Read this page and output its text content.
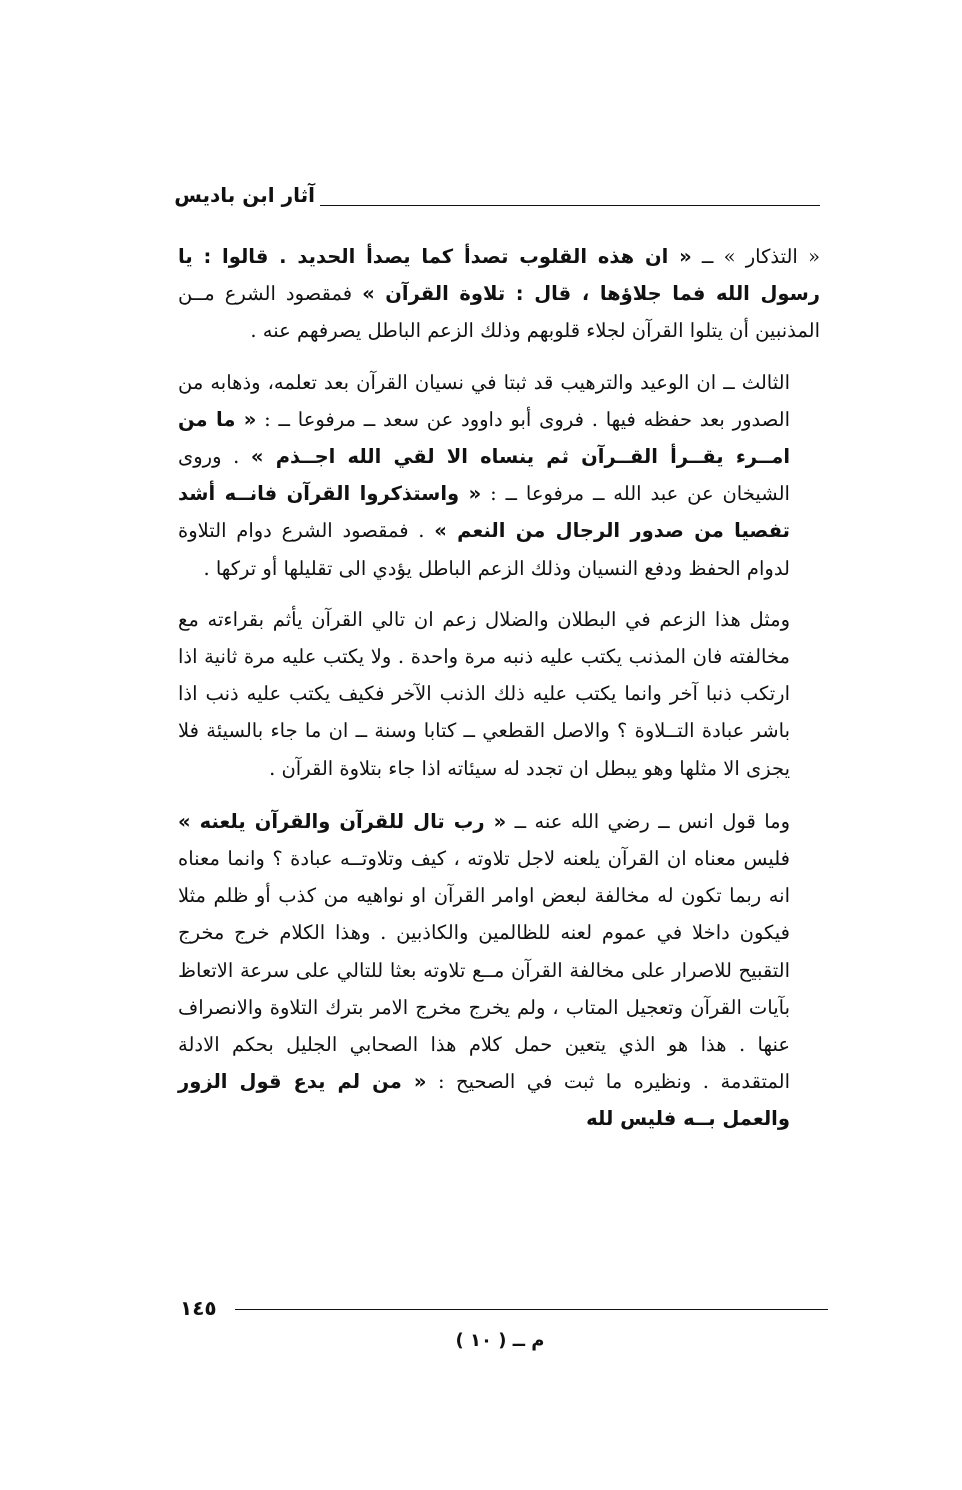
آثار ابن باديس

« التذكار » ــ « ان هذه القلوب تصدأ كما يصدأ الحديد . قالوا : يا رسول الله فما جلاؤها ، قال : تلاوة القرآن » فمقصود الشرع مــن المذنبين أن يتلوا القرآن لجلاء قلوبهم وذلك الزعم الباطل يصرفهم عنه .

الثالث ــ ان الوعيد والترهيب قد ثبتا في نسيان القرآن بعد تعلمه، وذهابه من الصدور بعد حفظه فيها . فروى أبو داوود عن سعد ــ مرفوعا ــ : « ما من امــرء يقــرأ القــرآن ثم ينساه الا لقي الله اجــذم » . وروى الشيخان عن عبد الله ــ مرفوعا ــ : « واستذكروا القرآن فانــه أشد تفصيا من صدور الرجال من النعم » . فمقصود الشرع دوام التلاوة لدوام الحفظ ودفع النسيان وذلك الزعم الباطل يؤدي الى تقليلها أو تركها .

ومثل هذا الزعم في البطلان والضلال زعم ان تالي القرآن يأثم بقراءته مع مخالفته فان المذنب يكتب عليه ذنبه مرة واحدة . ولا يكتب عليه مرة ثانية اذا ارتكب ذنبا آخر وانما يكتب عليه ذلك الذنب الآخر فكيف يكتب عليه ذنب اذا باشر عبادة التــلاوة ؟ والاصل القطعي ــ كتابا وسنة ــ ان ما جاء بالسيئة فلا يجزى الا مثلها وهو يبطل ان تجدد له سيئاته اذا جاء بتلاوة القرآن .

وما قول انس ــ رضي الله عنه ــ « رب تال للقرآن والقرآن يلعنه » فليس معناه ان القرآن يلعنه لاجل تلاوته ، كيف وتلاوتــه عبادة ؟ وانما معناه انه ربما تكون له مخالفة لبعض اوامر القرآن او نواهيه من كذب أو ظلم مثلا فيكون داخلا في عموم لعنه للظالمين والكاذبين . وهذا الكلام خرج مخرج التقبيح للاصرار على مخالفة القرآن مــع تلاوته بعثا للتالي على سرعة الاتعاظ بآيات القرآن وتعجيل المتاب ، ولم يخرج مخرج الامر بترك التلاوة والانصراف عنها . هذا هو الذي يتعين حمل كلام هذا الصحابي الجليل بحكم الادلة المتقدمة . ونظيره ما ثبت في الصحيح : « من لم يدع قول الزور والعمل بــه فليس لله

١٤٥
م ــ ( ١٠ )
